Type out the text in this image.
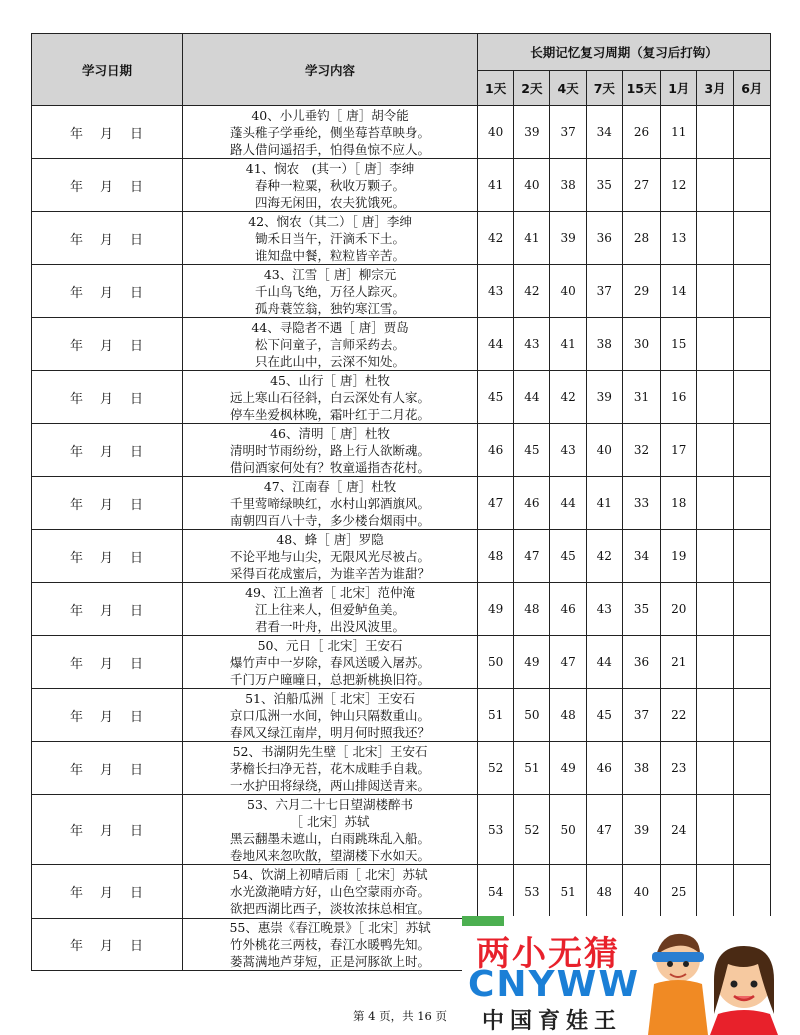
学习日期	学习内容	长期记忆复习周期（复习后打钩）							
		1天	2天	4天	7天	15天	1月	3月	6月
年 月 日	40、小儿垂钓［ 唐］胡令能
蓬头稚子学垂纶，侧坐莓苔草映身。
路人借问遥招手，怕得鱼惊不应人。	40	39	37	34	26	11		
年 月 日	41、悯农　(其一）［ 唐］李绅
春种一粒粟，秋收万颗子。
四海无闲田，农夫犹饿死。	41	40	38	35	27	12		
年 月 日	42、悯农（其二）［ 唐］李绅
锄禾日当午，汗滴禾下土。
谁知盘中餐，粒粒皆辛苦。	42	41	39	36	28	13		
年 月 日	43、江雪［ 唐］柳宗元
千山鸟飞绝，万径人踪灭。
孤舟蓑笠翁，独钓寒江雪。	43	42	40	37	29	14		
年 月 日	44、寻隐者不遇［ 唐］贾岛
松下问童子，言师采药去。
只在此山中，云深不知处。	44	43	41	38	30	15		
年 月 日	45、山行［ 唐］杜牧
远上寒山石径斜，白云深处有人家。
停车坐爱枫林晚，霜叶红于二月花。	45	44	42	39	31	16		
年 月 日	46、清明［ 唐］杜牧
清明时节雨纷纷，路上行人欲断魂。
借问酒家何处有？牧童遥指杏花村。	46	45	43	40	32	17		
年 月 日	47、江南春［ 唐］杜牧
千里莺啼绿映红，水村山郭酒旗风。
南朝四百八十寺，多少楼台烟雨中。	47	46	44	41	33	18		
年 月 日	48、蜂［ 唐］罗隐
不论平地与山尖，无限风光尽被占。
采得百花成蜜后，为谁辛苦为谁甜？	48	47	45	42	34	19		
年 月 日	49、江上渔者［ 北宋］范仲淹
江上往来人，但爱鲈鱼美。
君看一叶舟，出没风波里。	49	48	46	43	35	20		
年 月 日	50、元日［ 北宋］王安石
爆竹声中一岁除，春风送暖入屠苏。
千门万户曈曈日，总把新桃换旧符。	50	49	47	44	36	21		
年 月 日	51、泊船瓜洲［ 北宋］王安石
京口瓜洲一水间，钟山只隔数重山。
春风又绿江南岸，明月何时照我还？	51	50	48	45	37	22		
年 月 日	52、书湖阴先生壁［ 北宋］王安石
茅檐长扫净无苔，花木成畦手自栽。
一水护田将绿绕，两山排闼送青来。	52	51	49	46	38	23		
年 月 日	53、六月二十七日望湖楼醉书
［ 北宋］苏轼
黑云翻墨未遮山，白雨跳珠乱入船。
卷地风来忽吹散，望湖楼下水如天。	53	52	50	47	39	24		
年 月 日	54、饮湖上初晴后雨［ 北宋］苏轼
水光潋滟晴方好，山色空蒙雨亦奇。
欲把西湖比西子，淡妆浓抹总相宜。	54	53	51	48	40	25		
年 月 日	55、惠崇《春江晚景》［ 北宋］苏轼
竹外桃花三两枝，春江水暖鸭先知。
蒌蒿满地芦芽短，正是河豚欲上时。								

第 4 页，共 16 页
两小无猜
CNYWW
中国育娃王
